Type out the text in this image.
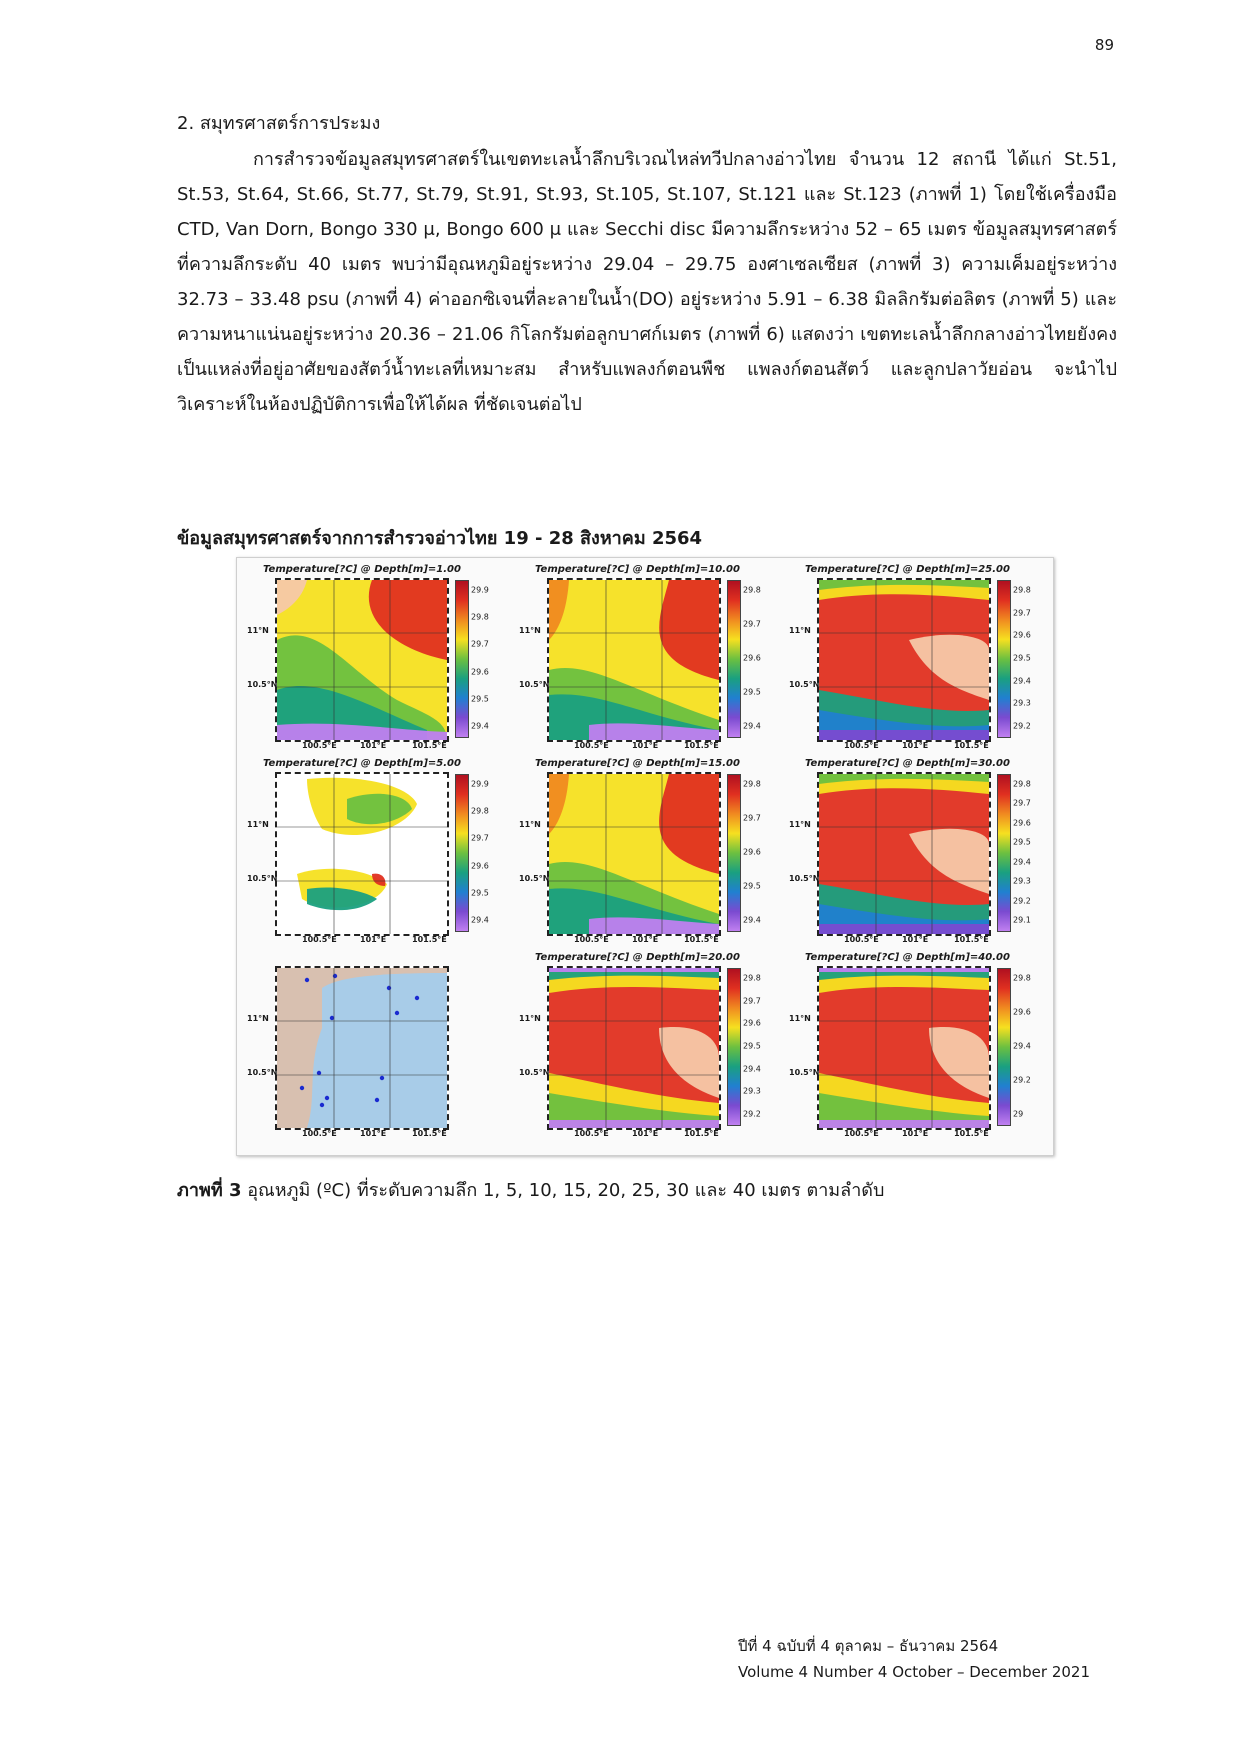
89
2. สมุทรศาสตร์การประมง

การสำรวจข้อมูลสมุทรศาสตร์ในเขตทะเลน้ำลึกบริเวณไหล่ทวีปกลางอ่าวไทย จำนวน 12 สถานี ได้แก่ St.51, St.53, St.64, St.66, St.77, St.79, St.91, St.93, St.105, St.107, St.121 และ St.123 (ภาพที่ 1) โดยใช้เครื่องมือ CTD, Van Dorn, Bongo 330 μ, Bongo 600 μ และ Secchi disc มีความลึกระหว่าง 52 – 65 เมตร ข้อมูลสมุทรศาสตร์ที่ความลึกระดับ 40 เมตร พบว่ามีอุณหภูมิอยู่ระหว่าง 29.04 – 29.75 องศาเซลเซียส (ภาพที่ 3) ความเค็มอยู่ระหว่าง 32.73 – 33.48 psu (ภาพที่ 4) ค่าออกซิเจนที่ละลายในน้ำ(DO) อยู่ระหว่าง 5.91 – 6.38 มิลลิกรัมต่อลิตร (ภาพที่ 5) และความหนาแน่นอยู่ระหว่าง 20.36 – 21.06 กิโลกรัมต่อลูกบาศก์เมตร (ภาพที่ 6) แสดงว่า เขตทะเลน้ำลึกกลางอ่าวไทยยังคงเป็นแหล่งที่อยู่อาศัยของสัตว์น้ำทะเลที่เหมาะสม สำหรับแพลงก์ตอนพืช แพลงก์ตอนสัตว์ และลูกปลาวัยอ่อน จะนำไปวิเคราะห์ในห้องปฏิบัติการเพื่อให้ได้ผล ที่ชัดเจนต่อไป

ข้อมูลสมุทรศาสตร์จากการสำรวจอ่าวไทย 19 - 28 สิงหาคม 2564
Temperature[?C] @ Depth[m]=1.00
11°N
10.5°N
100.5°E	101°E	101.5°E
29.9
29.8
29.7
29.6
29.5
29.4
Temperature[?C] @ Depth[m]=10.00
11°N
10.5°N
100.5°E	101°E	101.5°E
29.8
29.7
29.6
29.5
29.4
Temperature[?C] @ Depth[m]=25.00
11°N
10.5°N
100.5°E	101°E	101.5°E
29.8
29.7
29.6
29.5
29.4
29.3
29.2
Temperature[?C] @ Depth[m]=5.00
11°N
10.5°N
100.5°E	101°E	101.5°E
29.9
29.8
29.7
29.6
29.5
29.4
Temperature[?C] @ Depth[m]=15.00
11°N
10.5°N
100.5°E	101°E	101.5°E
29.8
29.7
29.6
29.5
29.4
Temperature[?C] @ Depth[m]=30.00
11°N
10.5°N
100.5°E	101°E	101.5°E
29.8
29.7
29.6
29.5
29.4
29.3
29.2
29.1
11°N
10.5°N
100.5°E	101°E	101.5°E
Temperature[?C] @ Depth[m]=20.00
11°N
10.5°N
100.5°E	101°E	101.5°E
29.8
29.7
29.6
29.5
29.4
29.3
29.2
Temperature[?C] @ Depth[m]=40.00
11°N
10.5°N
100.5°E	101°E	101.5°E
29.8
29.6
29.4
29.2
29
ภาพที่ 3 อุณหภูมิ (ºC) ที่ระดับความลึก 1, 5, 10, 15, 20, 25, 30 และ 40 เมตร ตามลำดับ
ปีที่ 4 ฉบับที่ 4 ตุลาคม – ธันวาคม 2564
Volume 4 Number 4 October – December 2021
